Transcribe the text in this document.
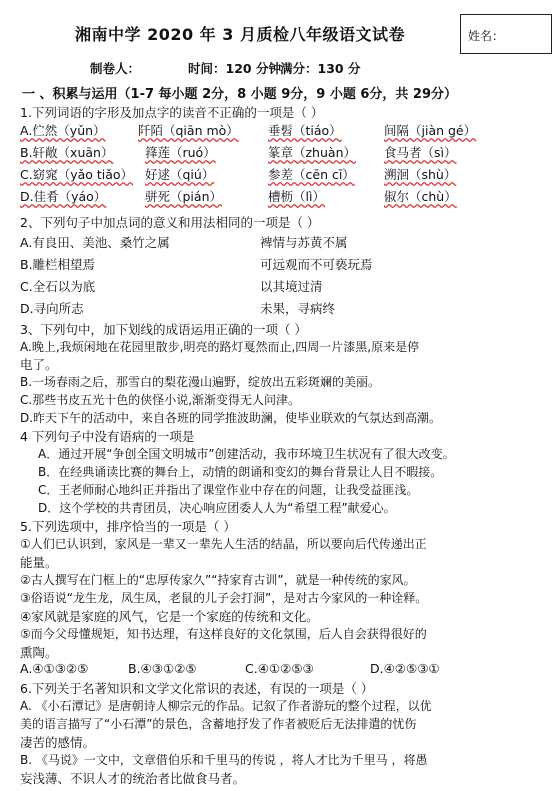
湘南中学 2020 年 3 月质检八年级语文试卷	姓名：
制卷人：	时间：120 分钟 满分：130 分
一 、积累与运用（1-7 每小题 2分，8 小题 9分，9 小题 6分，共 29分）
1.下列词语的字形及加点字的读音不正确的一项是（ ）
A.伫然（yǔn）	阡陌（qiān mò） 垂髫（tiáo）	间隔（jiàn gé）
B.轩敞（xuān）	箨莲（ruó）	篆章（zhuàn） 食马者（sì）
C.窈窕（yǎo tiǎo） 好逑（qiú）	参差（cēn cī） 溯洄（shù）
D.佳肴（yáo）	骈死（pián）	槽枥（lì）	俶尔（chù）
2、下列句子中加点词的意义和用法相同的一项是（ ）
A.有良田、美池、桑竹之属	裨情与苏黄不属
B.雕栏相望焉	可远观而不可亵玩焉
C.全石以为底	以其境过清
D.寻向所志	未果，寻病终
3、下列句中，加下划线的成语运用正确的一项（ ）
A.晚上,我烦闲地在花园里散步,明亮的路灯戛然而止,四周一片漆黑,原来是停
电了。
B.一场春雨之后，那雪白的梨花漫山遍野，绽放出五彩斑斓的美丽。
C.那些书皮五光十色的侠怪小说,渐渐变得无人问津。
D.昨天下午的活动中，来自各班的同学推波助澜，使毕业联欢的气氛达到高潮。
4 下列句子中没有语病的一项是
A．通过开展“争创全国文明城市”创建活动，我市环境卫生状况有了很大改变。
B．在经典诵读比赛的舞台上，动情的朗诵和变幻的舞台背景让人目不暇接。
C．王老师耐心地纠正并指出了课堂作业中存在的问题，让我受益匪浅。
D．这个学校的共青团员，决心响应团委人人为“希望工程”献爱心。
5.下列选项中，排序恰当的一项是（ ）
①人们已认识到，家风是一辈又一辈先人生活的结晶，所以要向后代传递出正
能量。
②古人撰写在门框上的“忠厚传家久”“持家育古训”，就是一种传统的家风。
③俗语说“龙生龙，凤生凤，老鼠的儿子会打洞”，是对古今家风的一种诠释。
④家风就是家庭的风气，它是一个家庭的传统和文化。
⑤而今父母懂规矩，知书达理，有这样良好的文化氛围，后人自会获得很好的
熏陶。
A.④①③②⑤	B.④③①②⑤	C.④①②⑤③	D.④②⑤③①
6.下列关于名著知识和文学文化常识的表述，有误的一项是（ ）
A. 《小石潭记》是唐朝诗人柳宗元的作品。记叙了作者游玩的整个过程，以优
美的语言描写了“小石潭”的景色，含蓄地抒发了作者被贬后无法排遣的忧伤
凄苦的感情。
B. 《马说》一文中，文章借伯乐和千里马的传说 ，将人才比为千里马 ，将愚
妄浅薄、不识人才的统治者比做食马者。
